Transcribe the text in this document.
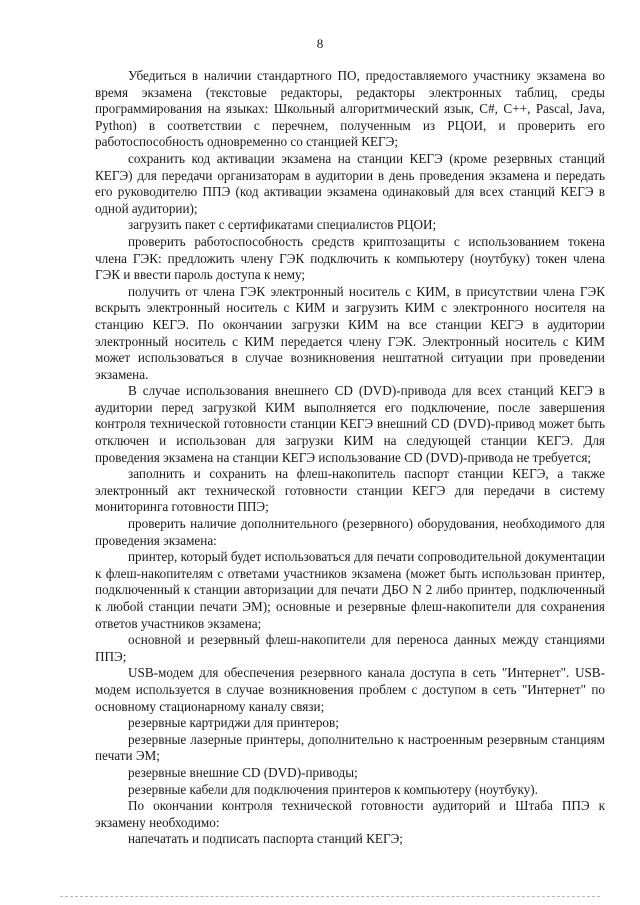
8

Убедиться в наличии стандартного ПО, предоставляемого участнику экзамена во время экзамена (текстовые редакторы, редакторы электронных таблиц, среды программирования на языках: Школьный алгоритмический язык, C#, C++, Pascal, Java, Python) в соответствии с перечнем, полученным из РЦОИ, и проверить его работоспособность одновременно со станцией КЕГЭ;

сохранить код активации экзамена на станции КЕГЭ (кроме резервных станций КЕГЭ) для передачи организаторам в аудитории в день проведения экзамена и передать его руководителю ППЭ (код активации экзамена одинаковый для всех станций КЕГЭ в одной аудитории);

загрузить пакет с сертификатами специалистов РЦОИ;

проверить работоспособность средств криптозащиты с использованием токена члена ГЭК: предложить члену ГЭК подключить к компьютеру (ноутбуку) токен члена ГЭК и ввести пароль доступа к нему;

получить от члена ГЭК электронный носитель с КИМ, в присутствии члена ГЭК вскрыть электронный носитель с КИМ и загрузить КИМ с электронного носителя на станцию КЕГЭ. По окончании загрузки КИМ на все станции КЕГЭ в аудитории электронный носитель с КИМ передается члену ГЭК. Электронный носитель с КИМ может использоваться в случае возникновения нештатной ситуации при проведении экзамена.

В случае использования внешнего CD (DVD)-привода для всех станций КЕГЭ в аудитории перед загрузкой КИМ выполняется его подключение, после завершения контроля технической готовности станции КЕГЭ внешний CD (DVD)-привод может быть отключен и использован для загрузки КИМ на следующей станции КЕГЭ. Для проведения экзамена на станции КЕГЭ использование CD (DVD)-привода не требуется;

заполнить и сохранить на флеш-накопитель паспорт станции КЕГЭ, а также электронный акт технической готовности станции КЕГЭ для передачи в систему мониторинга готовности ППЭ;

проверить наличие дополнительного (резервного) оборудования, необходимого для проведения экзамена:

принтер, который будет использоваться для печати сопроводительной документации к флеш-накопителям с ответами участников экзамена (может быть использован принтер, подключенный к станции авторизации для печати ДБО N 2 либо принтер, подключенный к любой станции печати ЭМ); основные и резервные флеш-накопители для сохранения ответов участников экзамена;

основной и резервный флеш-накопители для переноса данных между станциями ППЭ;

USB-модем для обеспечения резервного канала доступа в сеть "Интернет". USB-модем используется в случае возникновения проблем с доступом в сеть "Интернет" по основному стационарному каналу связи;

резервные картриджи для принтеров;

резервные лазерные принтеры, дополнительно к настроенным резервным станциям печати ЭМ;

резервные внешние CD (DVD)-приводы;

резервные кабели для подключения принтеров к компьютеру (ноутбуку).

По окончании контроля технической готовности аудиторий и Штаба ППЭ к экзамену необходимо:

напечатать и подписать паспорта станций КЕГЭ;
